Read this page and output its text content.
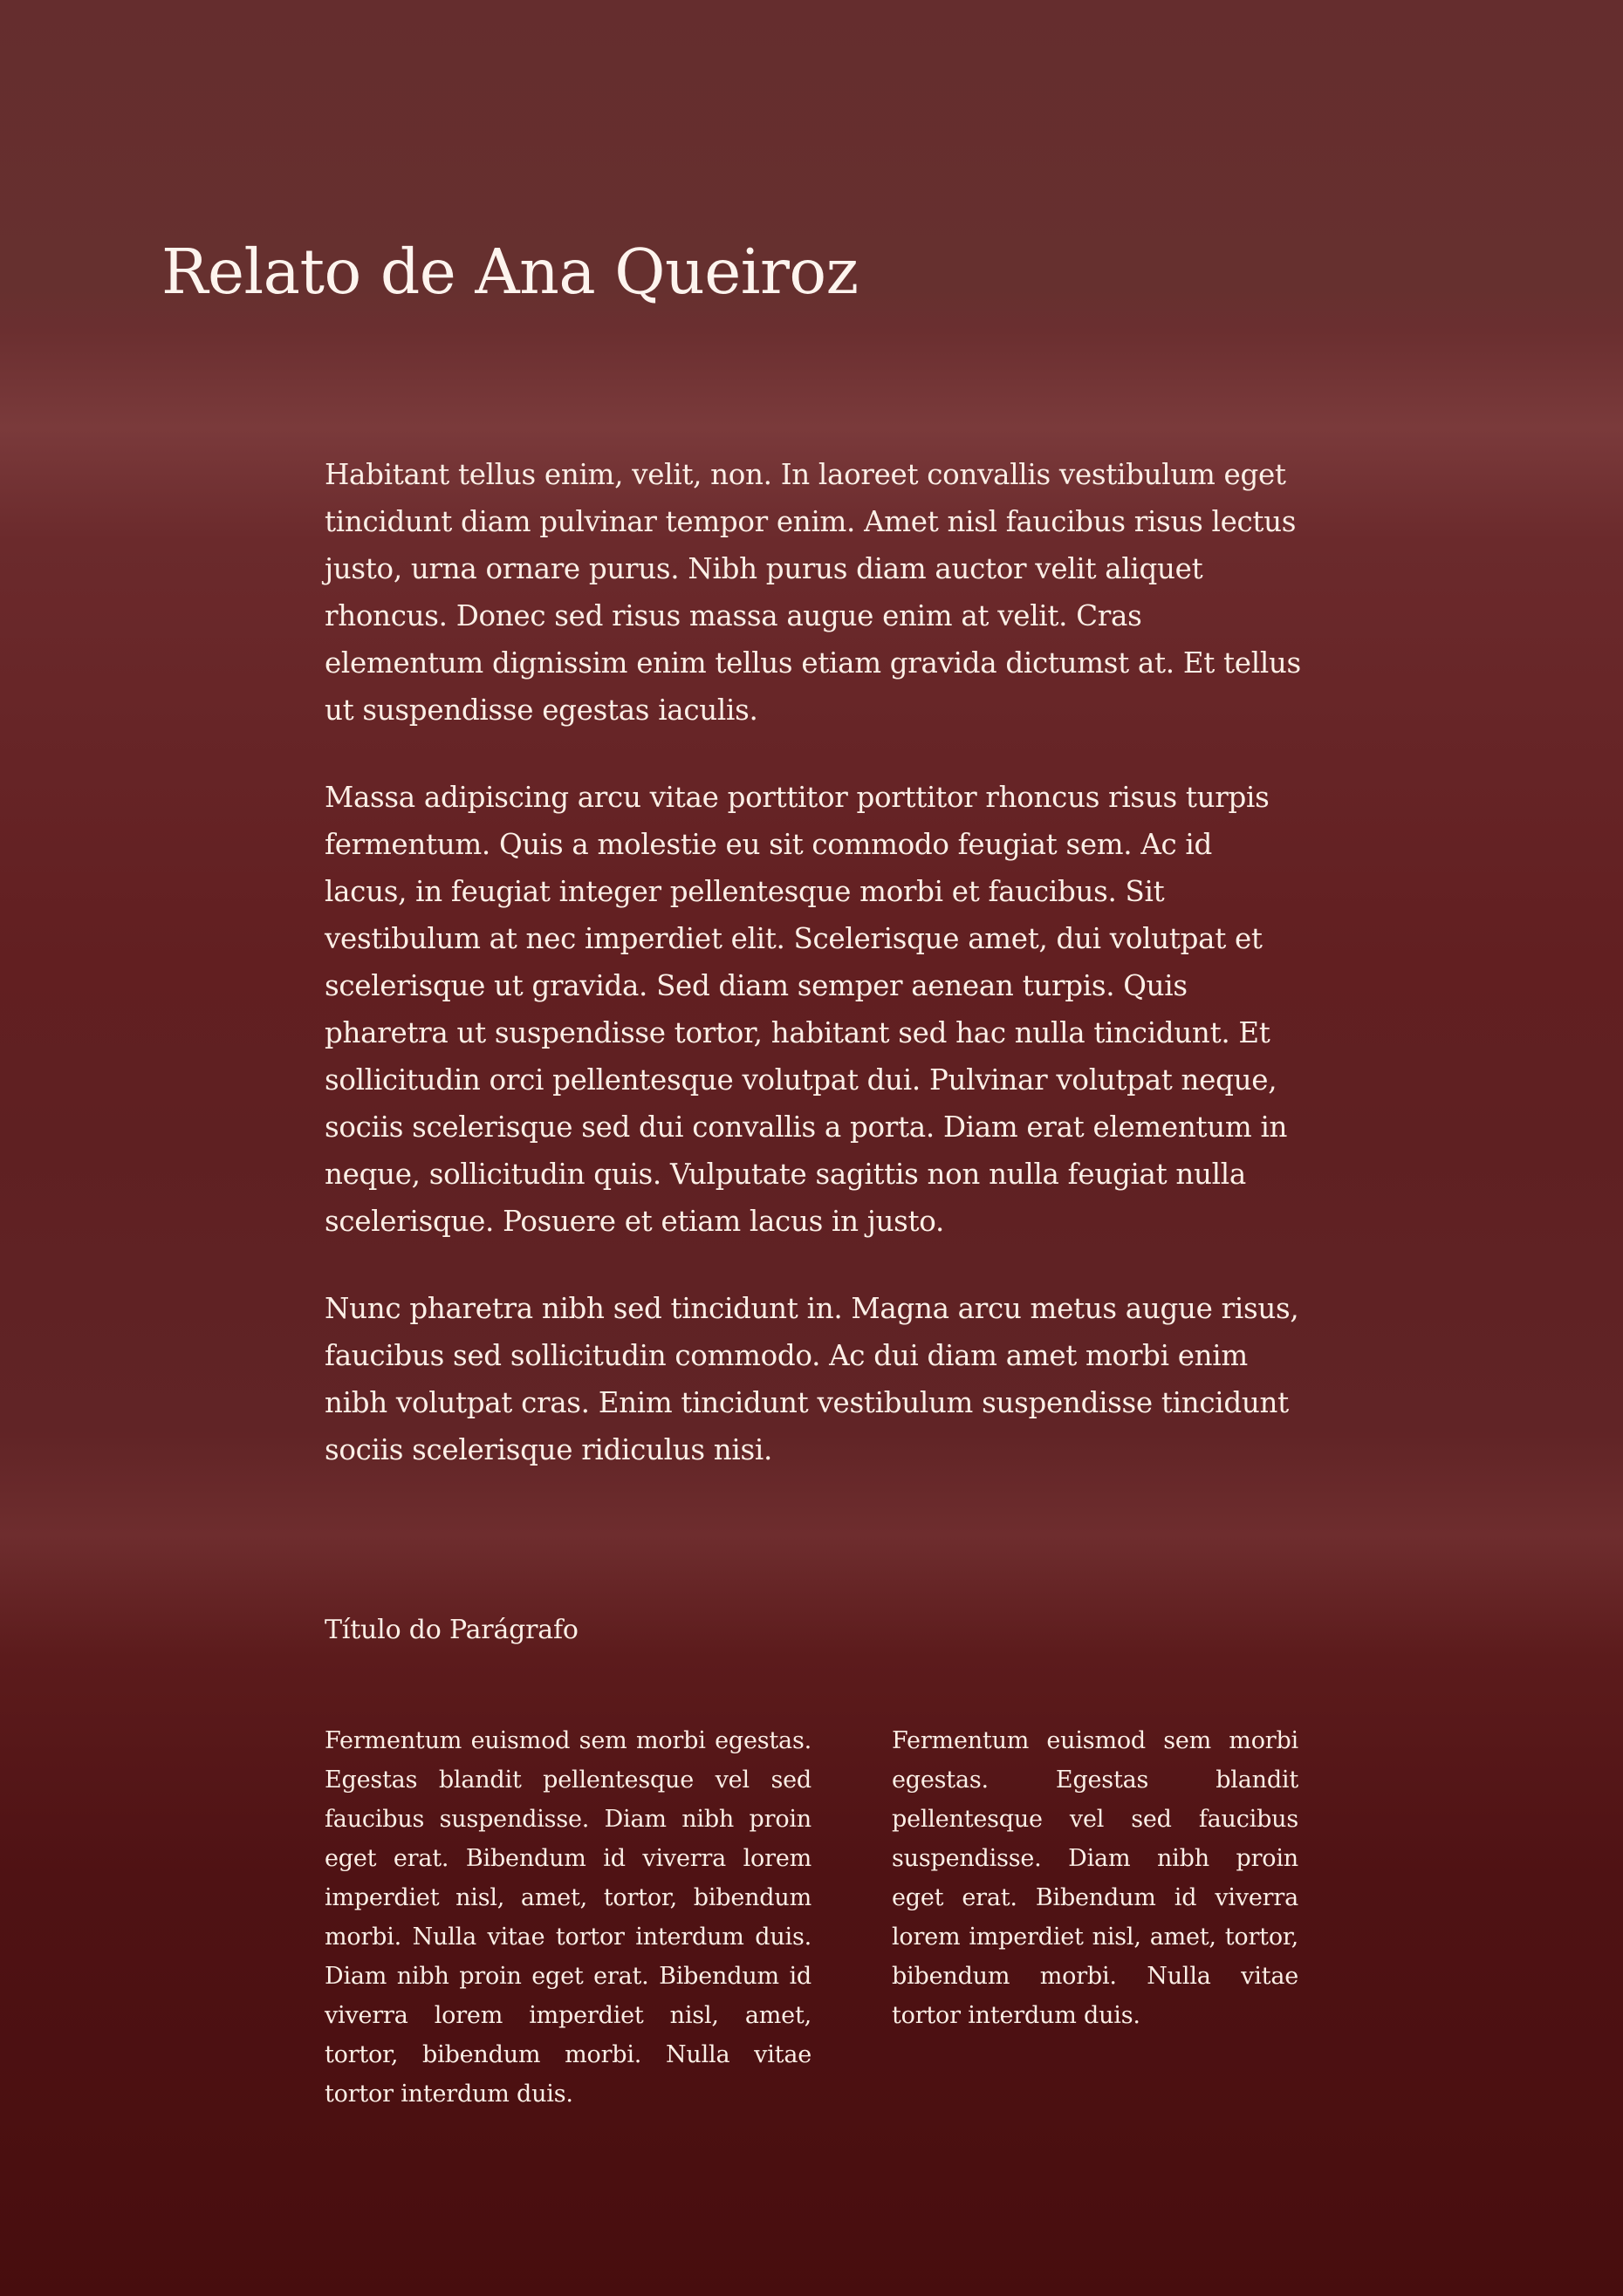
Relato de Ana Queiroz

Habitant tellus enim, velit, non. In laoreet convallis vestibulum eget tincidunt diam pulvinar tempor enim. Amet nisl faucibus risus lectus justo, urna ornare purus. Nibh purus diam auctor velit aliquet rhoncus. Donec sed risus massa augue enim at velit. Cras elementum dignissim enim tellus etiam gravida dictumst at. Et tellus ut suspendisse egestas iaculis.

Massa adipiscing arcu vitae porttitor porttitor rhoncus risus turpis fermentum. Quis a molestie eu sit commodo feugiat sem. Ac id lacus, in feugiat integer pellentesque morbi et faucibus. Sit vestibulum at nec imperdiet elit. Scelerisque amet, dui volutpat et scelerisque ut gravida. Sed diam semper aenean turpis. Quis pharetra ut suspendisse tortor, habitant sed hac nulla tincidunt. Et sollicitudin orci pellentesque volutpat dui. Pulvinar volutpat neque, sociis scelerisque sed dui convallis a porta. Diam erat elementum in neque, sollicitudin quis. Vulputate sagittis non nulla feugiat nulla scelerisque. Posuere et etiam lacus in justo.

Nunc pharetra nibh sed tincidunt in. Magna arcu metus augue risus, faucibus sed sollicitudin commodo. Ac dui diam amet morbi enim nibh volutpat cras. Enim tincidunt vestibulum suspendisse tincidunt sociis scelerisque ridiculus nisi.

Título do Parágrafo

Fermentum euismod sem morbi egestas. Egestas blandit pellentesque vel sed faucibus suspendisse. Diam nibh proin eget erat. Bibendum id viverra lorem imperdiet nisl, amet, tortor, bibendum morbi. Nulla vitae tortor interdum duis. Diam nibh proin eget erat. Bibendum id viverra lorem imperdiet nisl, amet, tortor, bibendum morbi. Nulla vitae tortor interdum duis.

Fermentum euismod sem morbi egestas. Egestas blandit pellentesque vel sed faucibus suspendisse. Diam nibh proin eget erat. Bibendum id viverra lorem imperdiet nisl, amet, tortor, bibendum morbi. Nulla vitae tortor interdum duis.
